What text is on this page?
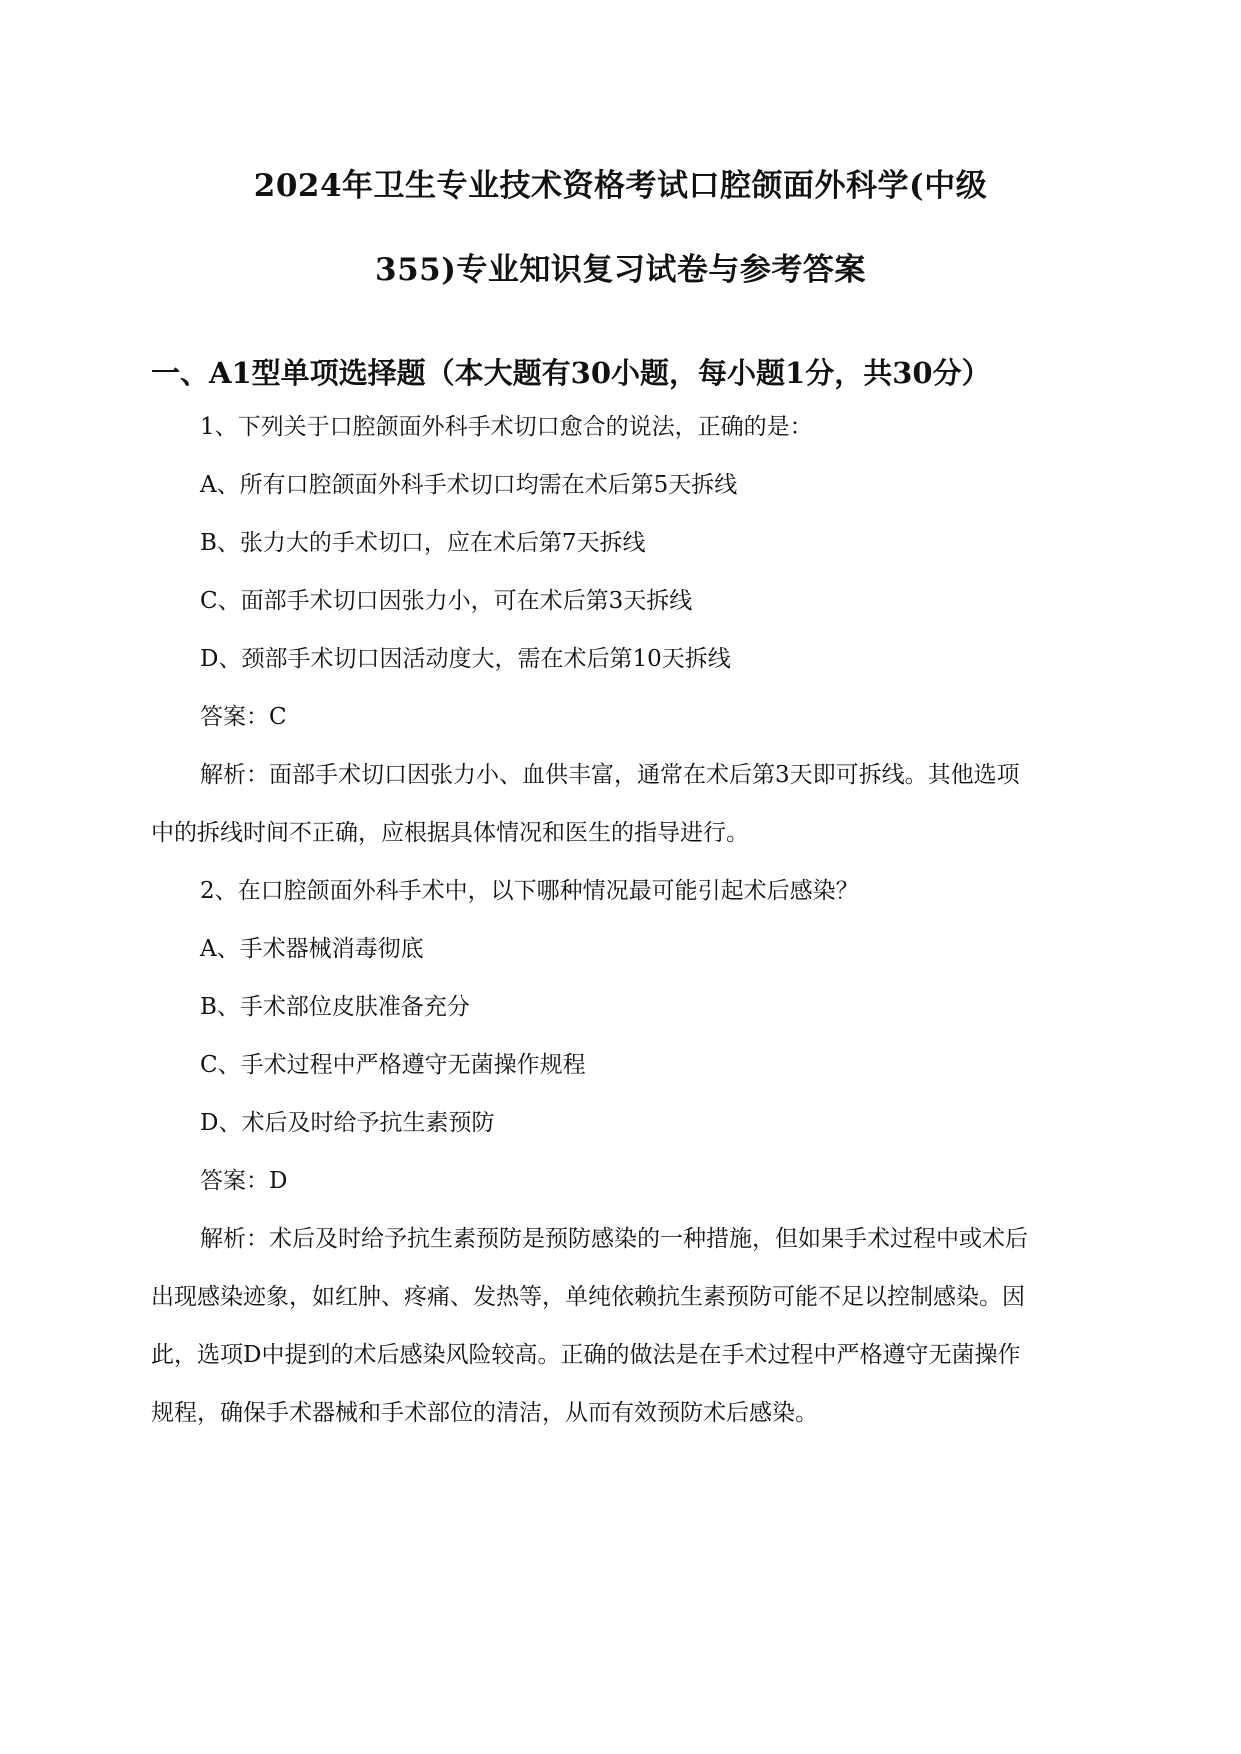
2024年卫生专业技术资格考试口腔颌面外科学(中级
355)专业知识复习试卷与参考答案
一、A1型单项选择题（本大题有30小题，每小题1分，共30分）
1、下列关于口腔颌面外科手术切口愈合的说法，正确的是：
A、所有口腔颌面外科手术切口均需在术后第5天拆线
B、张力大的手术切口，应在术后第7天拆线
C、面部手术切口因张力小，可在术后第3天拆线
D、颈部手术切口因活动度大，需在术后第10天拆线
答案：C
解析：面部手术切口因张力小、血供丰富，通常在术后第3天即可拆线。其他选项
中的拆线时间不正确，应根据具体情况和医生的指导进行。
2、在口腔颌面外科手术中，以下哪种情况最可能引起术后感染？
A、手术器械消毒彻底
B、手术部位皮肤准备充分
C、手术过程中严格遵守无菌操作规程
D、术后及时给予抗生素预防
答案：D
解析：术后及时给予抗生素预防是预防感染的一种措施，但如果手术过程中或术后
出现感染迹象，如红肿、疼痛、发热等，单纯依赖抗生素预防可能不足以控制感染。因
此，选项D中提到的术后感染风险较高。正确的做法是在手术过程中严格遵守无菌操作
规程，确保手术器械和手术部位的清洁，从而有效预防术后感染。
